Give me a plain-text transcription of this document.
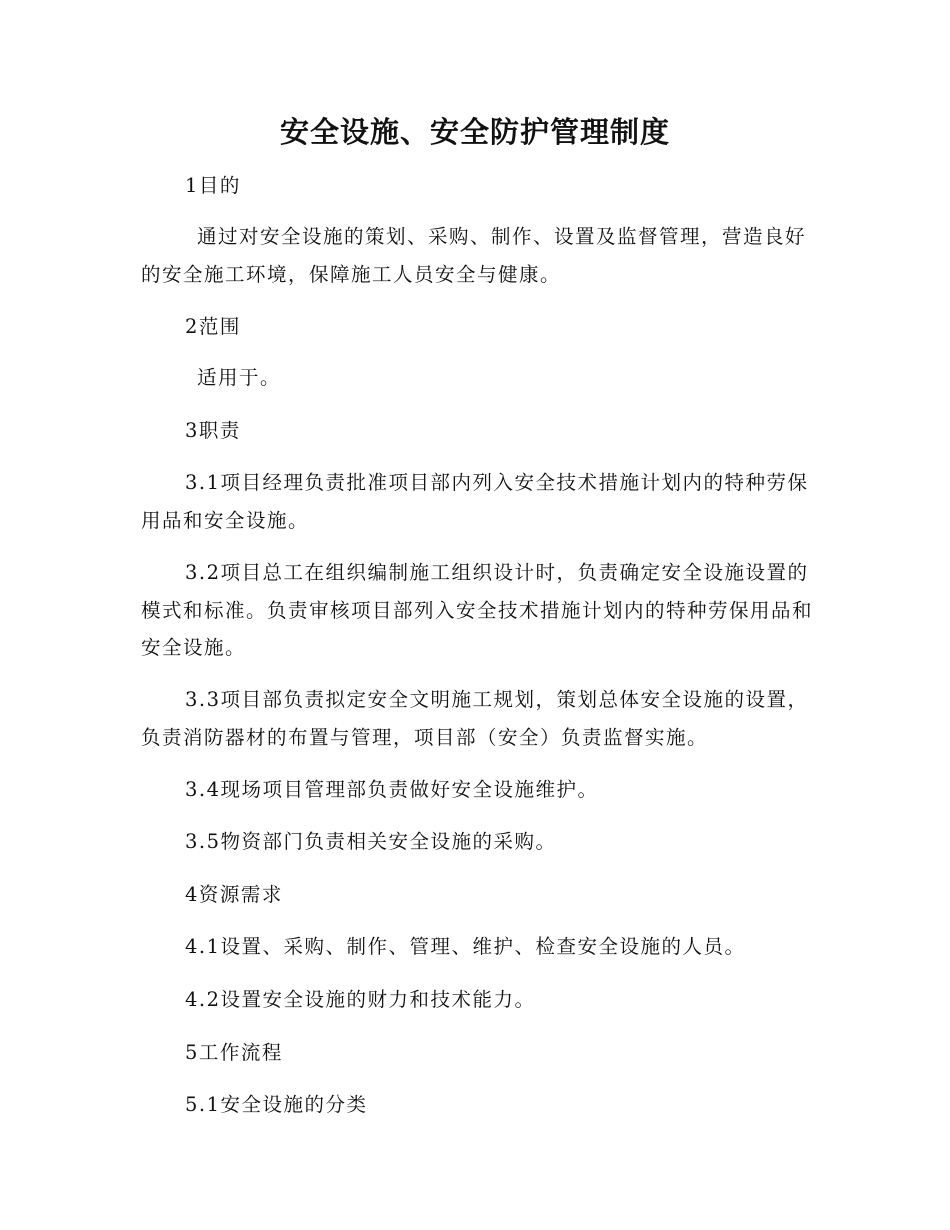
安全设施、安全防护管理制度

1目的

通过对安全设施的策划、采购、制作、设置及监督管理，营造良好的安全施工环境，保障施工人员安全与健康。

2范围

适用于。

3职责

3.1项目经理负责批准项目部内列入安全技术措施计划内的特种劳保用品和安全设施。

3.2项目总工在组织编制施工组织设计时，负责确定安全设施设置的模式和标准。负责审核项目部列入安全技术措施计划内的特种劳保用品和安全设施。

3.3项目部负责拟定安全文明施工规划，策划总体安全设施的设置，负责消防器材的布置与管理，项目部（安全）负责监督实施。

3.4现场项目管理部负责做好安全设施维护。

3.5物资部门负责相关安全设施的采购。

4资源需求

4.1设置、采购、制作、管理、维护、检查安全设施的人员。

4.2设置安全设施的财力和技术能力。

5工作流程

5.1安全设施的分类
